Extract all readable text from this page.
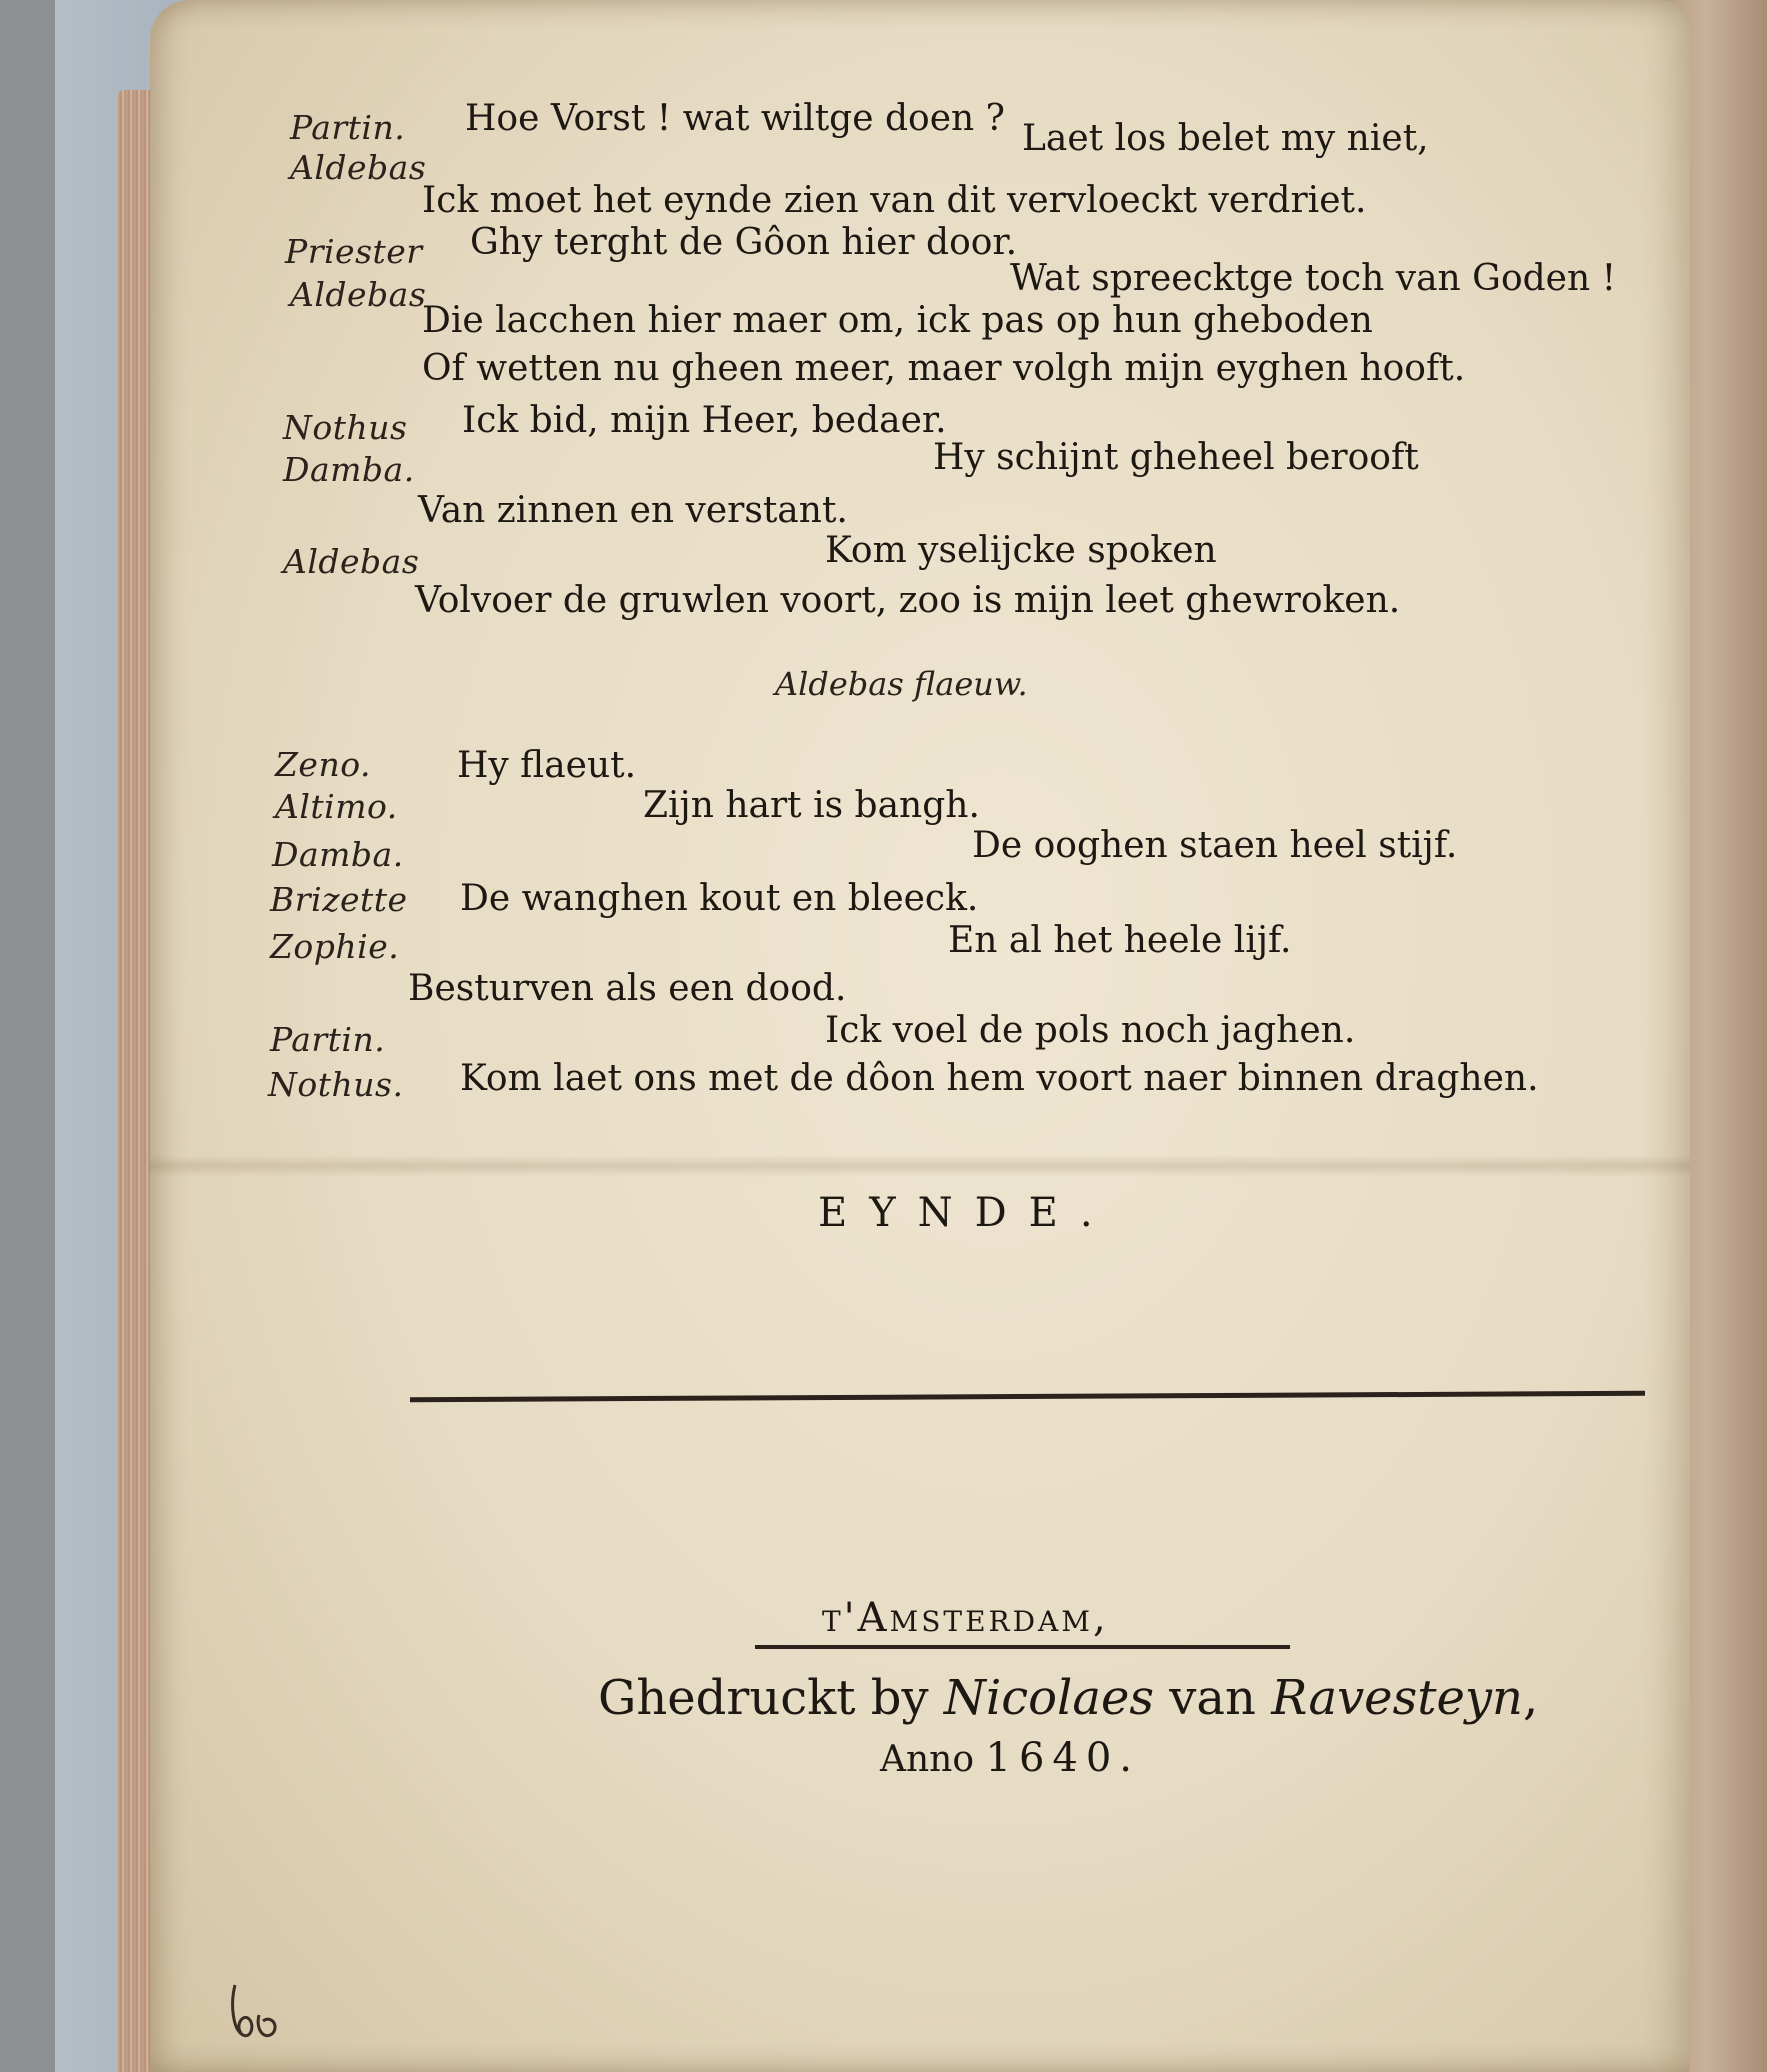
Partin.
Aldebas
Priester
Aldebas
Nothus
Damba.
Aldebas
Zeno.
Altimo.
Damba.
Brizette
Zophie.
Partin.
Nothus.
Hoe Vorst ! wat wiltge doen ? Laet los belet my niet,
Ick moet het eynde zien van dit vervloeckt verdriet.
Ghy terght de Gôon hier door.
Wat spreecktge toch van Goden !
Die lacchen hier maer om, ick pas op hun gheboden
Of wetten nu gheen meer, maer volgh mijn eyghen hooft.
Ick bid, mijn Heer, bedaer.
Hy schijnt gheheel berooft
Van zinnen en verstant.
Kom yselijcke spoken
Volvoer de gruwlen voort, zoo is mijn leet ghewroken.
Aldebas flaeuw.
Hy flaeut.
Zijn hart is bangh.
De ooghen staen heel stijf.
De wanghen kout en bleeck.
En al het heele lijf.
Besturven als een dood.
Ick voel de pols noch jaghen.
Kom laet ons met de dôon hem voort naer binnen draghen.
EYNDE.
t'Amsterdam,
Ghedruckt by Nicolaes van Ravesteyn,
Anno 1640.
